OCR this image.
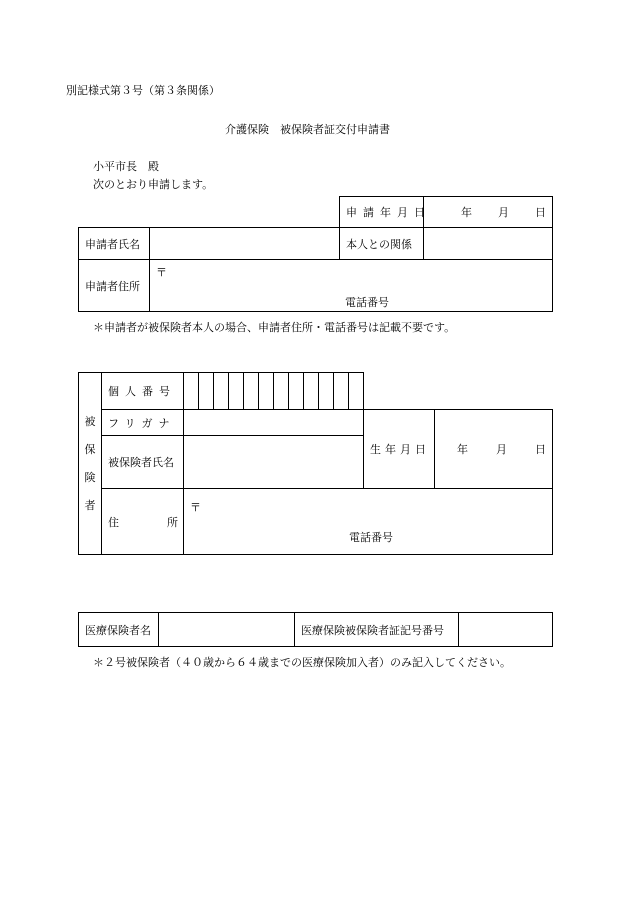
別記様式第３号（第３条関係）
介護保険　被保険者証交付申請書
小平市長　殿
次のとおり申請します。
		申請年月日	年 月 日
申請者氏名		本人との関係	
申請者住所	〒
電話番号		
＊申請者が被保険者本人の場合、申請者住所・電話番号は記載不要です。
被
保
険
者	個人番号														
	フリガナ													生年月日	年 月 日
	被保険者氏名														
	住 所	〒
電話番号													
医療保険者名		医療保険被保険者証記号番号	
＊２号被保険者（４０歳から６４歳までの医療保険加入者）のみ記入してください。
